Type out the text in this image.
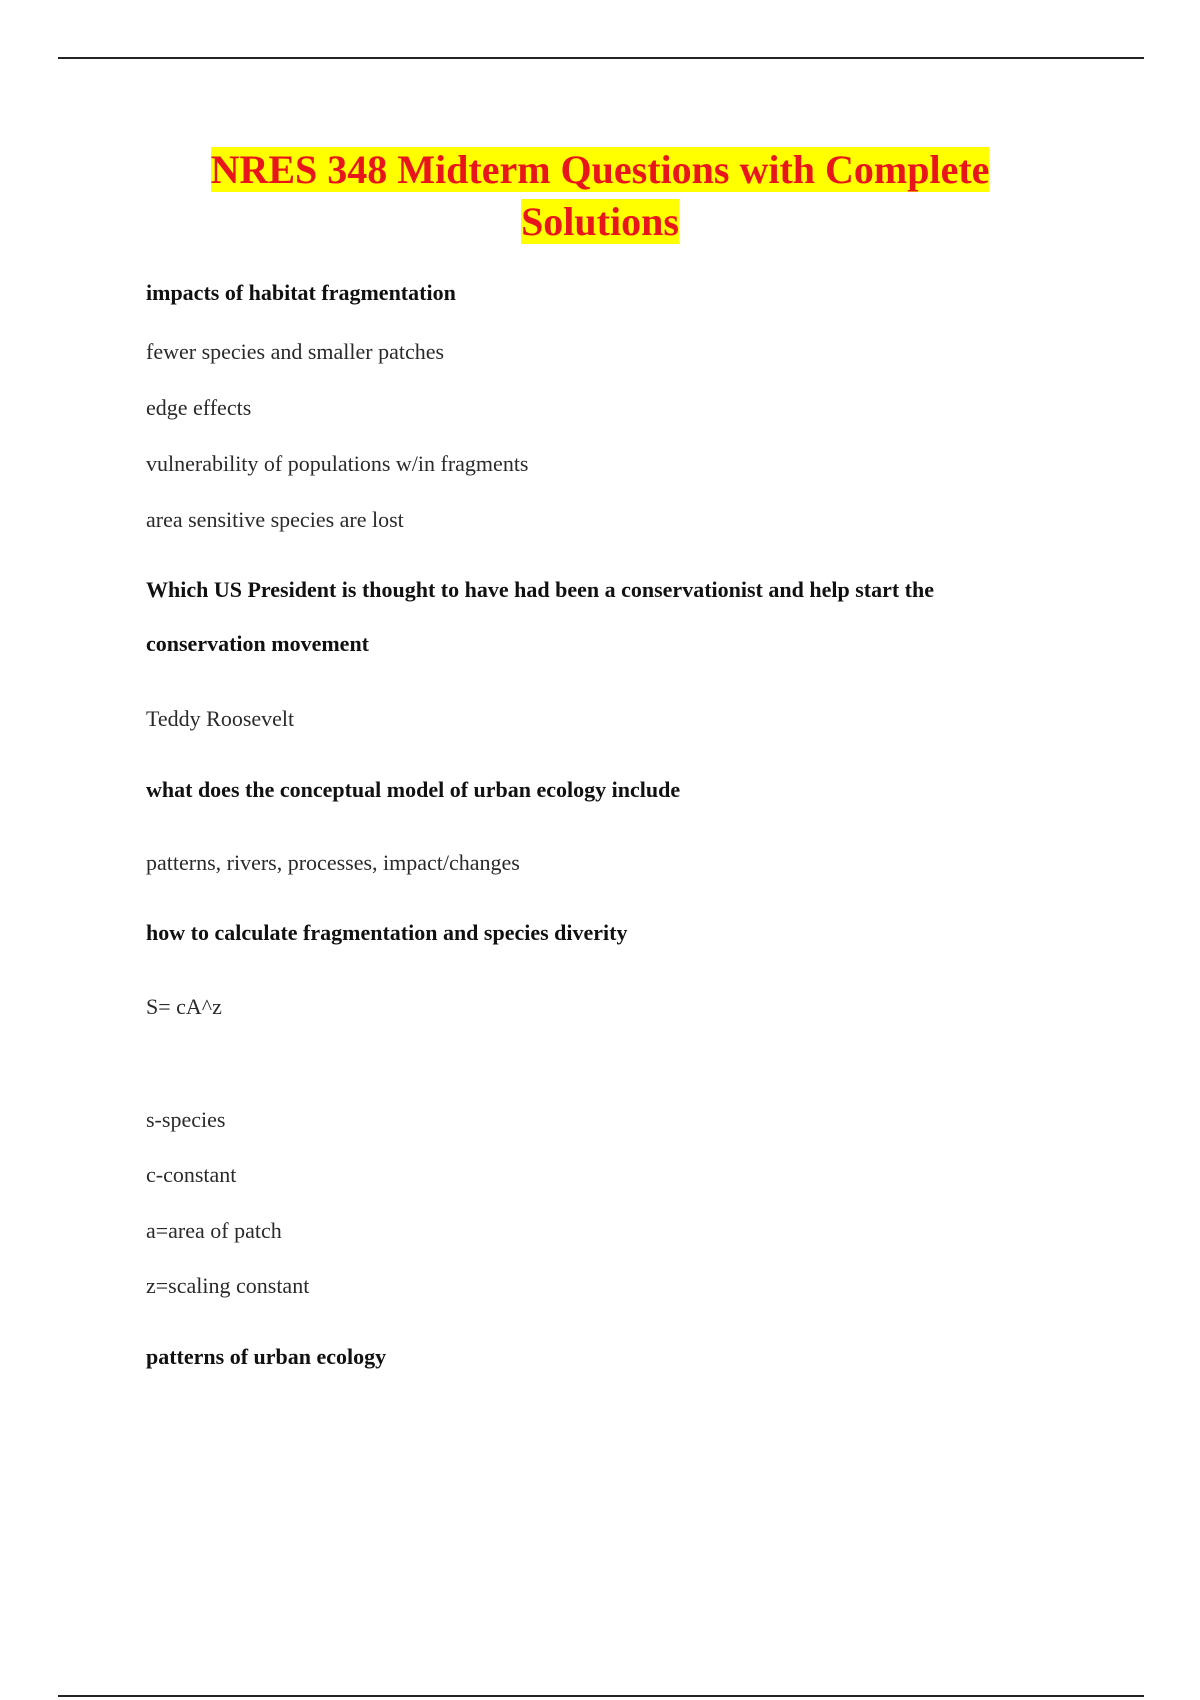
NRES 348 Midterm Questions with Complete
Solutions

impacts of habitat fragmentation

fewer species and smaller patches

edge effects

vulnerability of populations w/in fragments

area sensitive species are lost

Which US President is thought to have had been a conservationist and help start the

conservation movement

Teddy Roosevelt

what does the conceptual model of urban ecology include

patterns, rivers, processes, impact/changes

how to calculate fragmentation and species diverity

S= cA^z

s-species

c-constant

a=area of patch

z=scaling constant

patterns of urban ecology
